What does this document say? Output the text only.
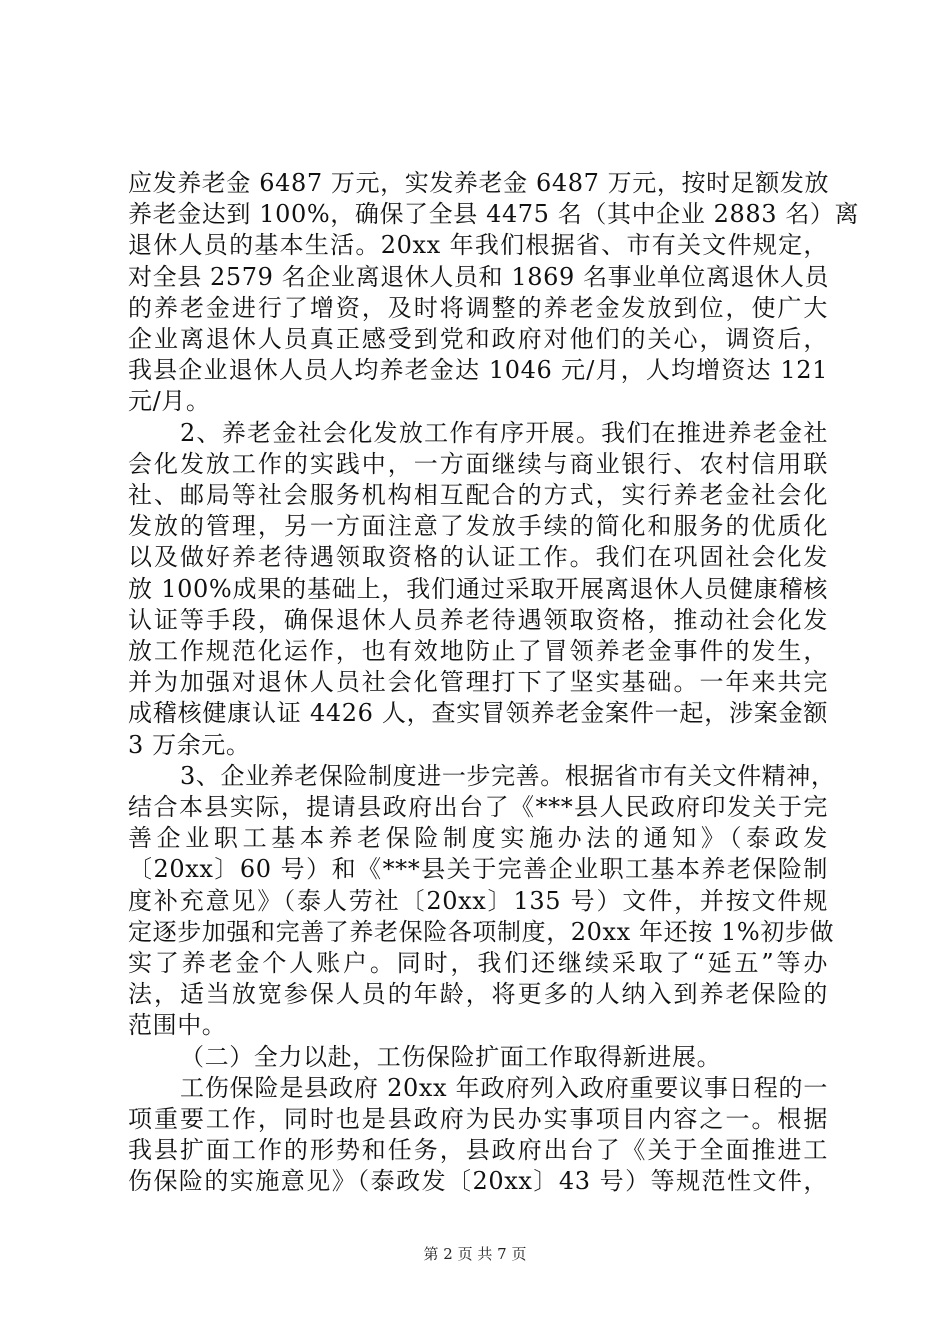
应发养老金 6487 万元，实发养老金 6487 万元，按时足额发放
养老金达到 100%，确保了全县 4475 名（其中企业 2883 名）离
退休人员的基本生活。20xx 年我们根据省、市有关文件规定，
对全县 2579 名企业离退休人员和 1869 名事业单位离退休人员
的养老金进行了增资，及时将调整的养老金发放到位，使广大
企业离退休人员真正感受到党和政府对他们的关心，调资后，
我县企业退休人员人均养老金达 1046 元/月，人均增资达 121
元/月。
2、养老金社会化发放工作有序开展。我们在推进养老金社
会化发放工作的实践中，一方面继续与商业银行、农村信用联
社、邮局等社会服务机构相互配合的方式，实行养老金社会化
发放的管理，另一方面注意了发放手续的简化和服务的优质化
以及做好养老待遇领取资格的认证工作。我们在巩固社会化发
放 100%成果的基础上，我们通过采取开展离退休人员健康稽核
认证等手段，确保退休人员养老待遇领取资格，推动社会化发
放工作规范化运作，也有效地防止了冒领养老金事件的发生，
并为加强对退休人员社会化管理打下了坚实基础。一年来共完
成稽核健康认证 4426 人，查实冒领养老金案件一起，涉案金额
3 万余元。
3、企业养老保险制度进一步完善。根据省市有关文件精神，
结合本县实际，提请县政府出台了《***县人民政府印发关于完
善企业职工基本养老保险制度实施办法的通知》（泰政发
〔20xx〕60 号）和《***县关于完善企业职工基本养老保险制
度补充意见》（泰人劳社〔20xx〕135 号）文件，并按文件规
定逐步加强和完善了养老保险各项制度，20xx 年还按 1%初步做
实了养老金个人账户。同时，我们还继续采取了“延五”等办
法，适当放宽参保人员的年龄，将更多的人纳入到养老保险的
范围中。
（二）全力以赴，工伤保险扩面工作取得新进展。
工伤保险是县政府 20xx 年政府列入政府重要议事日程的一
项重要工作，同时也是县政府为民办实事项目内容之一。根据
我县扩面工作的形势和任务，县政府出台了《关于全面推进工
伤保险的实施意见》（泰政发〔20xx〕43 号）等规范性文件，
第 2 页 共 7 页
